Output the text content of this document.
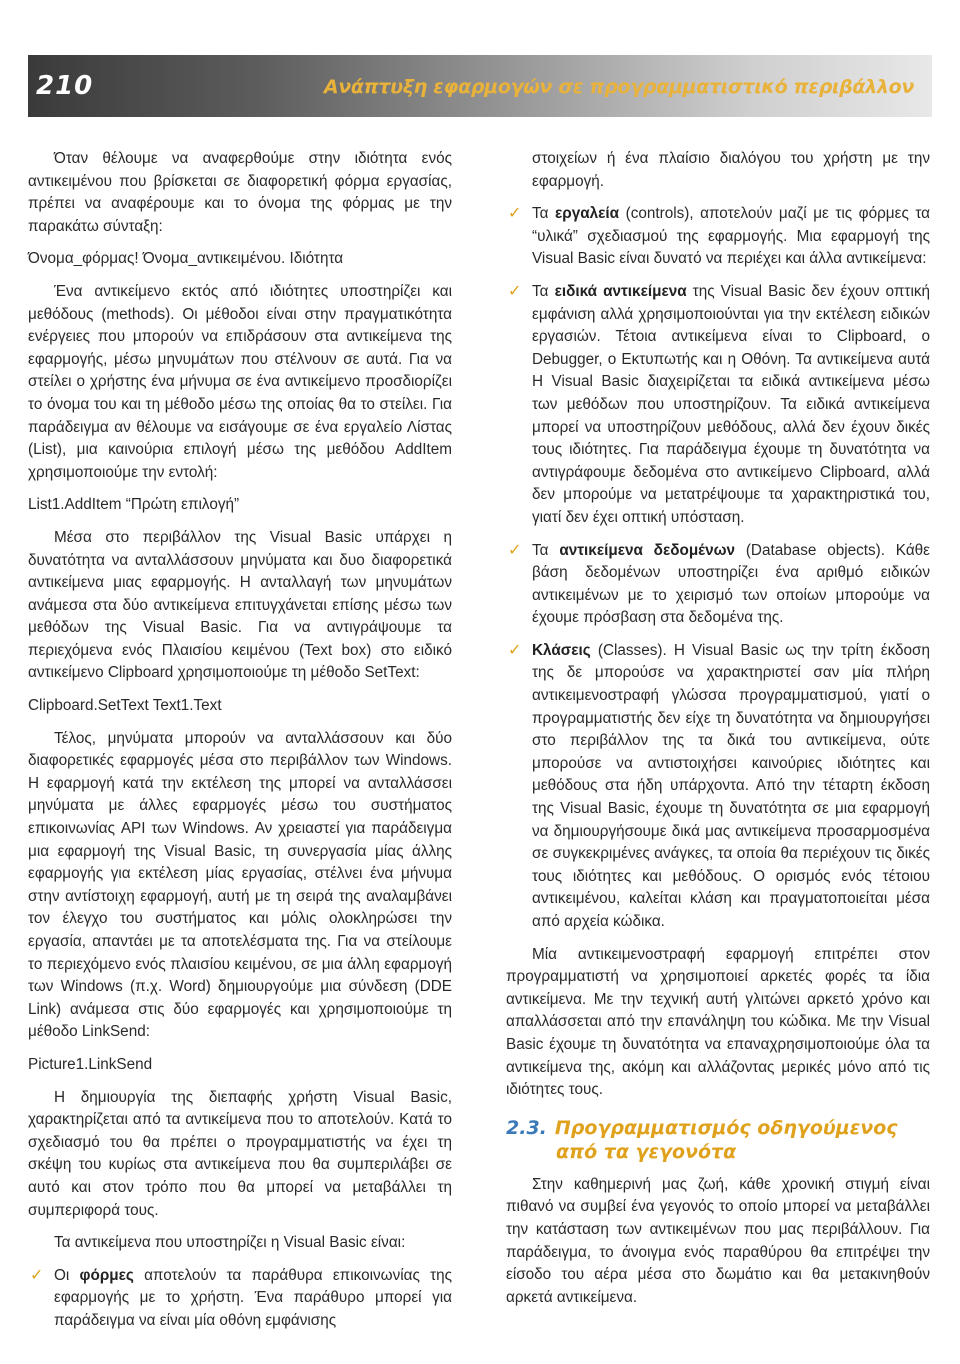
210	Ανάπτυξη εφαρμογών σε προγραμματιστικό περιβάλλον

Όταν θέλουμε να αναφερθούμε στην ιδιότητα ενός αντικειμένου που βρίσκεται σε διαφορετική φόρμα εργασίας, πρέπει να αναφέρουμε και το όνομα της φόρμας με την παρακάτω σύνταξη:

Όνομα_φόρμας! Όνομα_αντικειμένου. Ιδιότητα

Ένα αντικείμενο εκτός από ιδιότητες υποστηρίζει και μεθόδους (methods). Οι μέθοδοι είναι στην πραγματικότητα ενέργειες που μπορούν να επιδράσουν στα αντικείμενα της εφαρμογής, μέσω μηνυμάτων που στέλνουν σε αυτά. Για να στείλει ο χρήστης ένα μήνυμα σε ένα αντικείμενο προσδιορίζει το όνομα του και τη μέθοδο μέσω της οποίας θα το στείλει. Για παράδειγμα αν θέλουμε να εισάγουμε σε ένα εργαλείο Λίστας (List), μια καινούρια επιλογή μέσω της μεθόδου AddItem χρησιμοποιούμε την εντολή:

List1.AddItem “Πρώτη επιλογή”

Μέσα στο περιβάλλον της Visual Basic υπάρχει η δυνατότητα να ανταλλάσσουν μηνύματα και δυο διαφορετικά αντικείμενα μιας εφαρμογής. Η ανταλλαγή των μηνυμάτων ανάμεσα στα δύο αντικείμενα επιτυγχάνεται επίσης μέσω των μεθόδων της Visual Basic. Για να αντιγράψουμε τα περιεχόμενα ενός Πλαισίου κειμένου (Text box) στο ειδικό αντικείμενο Clipboard χρησιμοποιούμε τη μέθοδο SetText:

Clipboard.SetText Text1.Text

Τέλος, μηνύματα μπορούν να ανταλλάσσουν και δύο διαφορετικές εφαρμογές μέσα στο περιβάλλον των Windows. Η εφαρμογή κατά την εκτέλεση της μπορεί να ανταλλάσσει μηνύματα με άλλες εφαρμογές μέσω του συστήματος επικοινωνίας API των Windows. Αν χρειαστεί για παράδειγμα μια εφαρμογή της Visual Basic, τη συνεργασία μίας άλλης εφαρμογής για εκτέλεση μίας εργασίας, στέλνει ένα μήνυμα στην αντίστοιχη εφαρμογή, αυτή με τη σειρά της αναλαμβάνει τον έλεγχο του συστήματος και μόλις ολοκληρώσει την εργασία, απαντάει με τα αποτελέσματα της. Για να στείλουμε το περιεχόμενο ενός πλαισίου κειμένου, σε μια άλλη εφαρμογή των Windows (π.χ. Word) δημιουργούμε μια σύνδεση (DDE Link) ανάμεσα στις δύο εφαρμογές και χρησιμοποιούμε τη μέθοδο LinkSend:

Picture1.LinkSend

Η δημιουργία της διεπαφής χρήστη Visual Basic, χαρακτηρίζεται από τα αντικείμενα που το αποτελούν. Κατά το σχεδιασμό του θα πρέπει ο προγραμματιστής να έχει τη σκέψη του κυρίως στα αντικείμενα που θα συμπεριλάβει σε αυτό και στον τρόπο που θα μπορεί να μεταβάλλει τη συμπεριφορά τους.

Τα αντικείμενα που υποστηρίζει η Visual Basic είναι:

✓ Οι φόρμες αποτελούν τα παράθυρα επικοινωνίας της εφαρμογής με το χρήστη. Ένα παράθυρο μπορεί για παράδειγμα να είναι μία οθόνη εμφάνισης
στοιχείων ή ένα πλαίσιο διαλόγου του χρήστη με την εφαρμογή.
✓ Τα εργαλεία (controls), αποτελούν μαζί με τις φόρμες τα “υλικά” σχεδιασμού της εφαρμογής. Μια εφαρμογή της Visual Basic είναι δυνατό να περιέχει και άλλα αντικείμενα:
✓ Τα ειδικά αντικείμενα της Visual Basic δεν έχουν οπτική εμφάνιση αλλά χρησιμοποιούνται για την εκτέλεση ειδικών εργασιών. Τέτοια αντικείμενα είναι το Clipboard, ο Debugger, ο Εκτυπωτής και η Οθόνη. Τα αντικείμενα αυτά Η Visual Basic διαχειρίζεται τα ειδικά αντικείμενα μέσω των μεθόδων που υποστηρίζουν. Τα ειδικά αντικείμενα μπορεί να υποστηρίζουν μεθόδους, αλλά δεν έχουν δικές τους ιδιότητες. Για παράδειγμα έχουμε τη δυνατότητα να αντιγράφουμε δεδομένα στο αντικείμενο Clipboard, αλλά δεν μπορούμε να μετατρέψουμε τα χαρακτηριστικά του, γιατί δεν έχει οπτική υπόσταση.
✓ Τα αντικείμενα δεδομένων (Database objects). Κάθε βάση δεδομένων υποστηρίζει ένα αριθμό ειδικών αντικειμένων με το χειρισμό των οποίων μπορούμε να έχουμε πρόσβαση στα δεδομένα της.
✓ Κλάσεις (Classes). Η Visual Basic ως την τρίτη έκδοση της δε μπορούσε να χαρακτηριστεί σαν μία πλήρη αντικειμενοστραφή γλώσσα προγραμματισμού, γιατί ο προγραμματιστής δεν είχε τη δυνατότητα να δημιουργήσει στο περιβάλλον της τα δικά του αντικείμενα, ούτε μπορούσε να αντιστοιχήσει καινούριες ιδιότητες και μεθόδους στα ήδη υπάρχοντα. Από την τέταρτη έκδοση της Visual Basic, έχουμε τη δυνατότητα σε μια εφαρμογή να δημιουργήσουμε δικά μας αντικείμενα προσαρμοσμένα σε συγκεκριμένες ανάγκες, τα οποία θα περιέχουν τις δικές τους ιδιότητες και μεθόδους. Ο ορισμός ενός τέτοιου αντικειμένου, καλείται κλάση και πραγματοποιείται μέσα από αρχεία κώδικα.

Μία αντικειμενοστραφή εφαρμογή επιτρέπει στον προγραμματιστή να χρησιμοποιεί αρκετές φορές τα ίδια αντικείμενα. Με την τεχνική αυτή γλιτώνει αρκετό χρόνο και απαλλάσσεται από την επανάληψη του κώδικα. Με την Visual Basic έχουμε τη δυνατότητα να επαναχρησιμοποιούμε όλα τα αντικείμενα της, ακόμη και αλλάζοντας μερικές μόνο από τις ιδιότητες τους.

2.3. Προγραμματισμός οδηγούμενος
από τα γεγονότα

Στην καθημερινή μας ζωή, κάθε χρονική στιγμή είναι πιθανό να συμβεί ένα γεγονός το οποίο μπορεί να μεταβάλλει την κατάσταση των αντικειμένων που μας περιβάλλουν. Για παράδειγμα, το άνοιγμα ενός παραθύρου θα επιτρέψει την είσοδο του αέρα μέσα στο δωμάτιο και θα μετακινηθούν αρκετά αντικείμενα.
